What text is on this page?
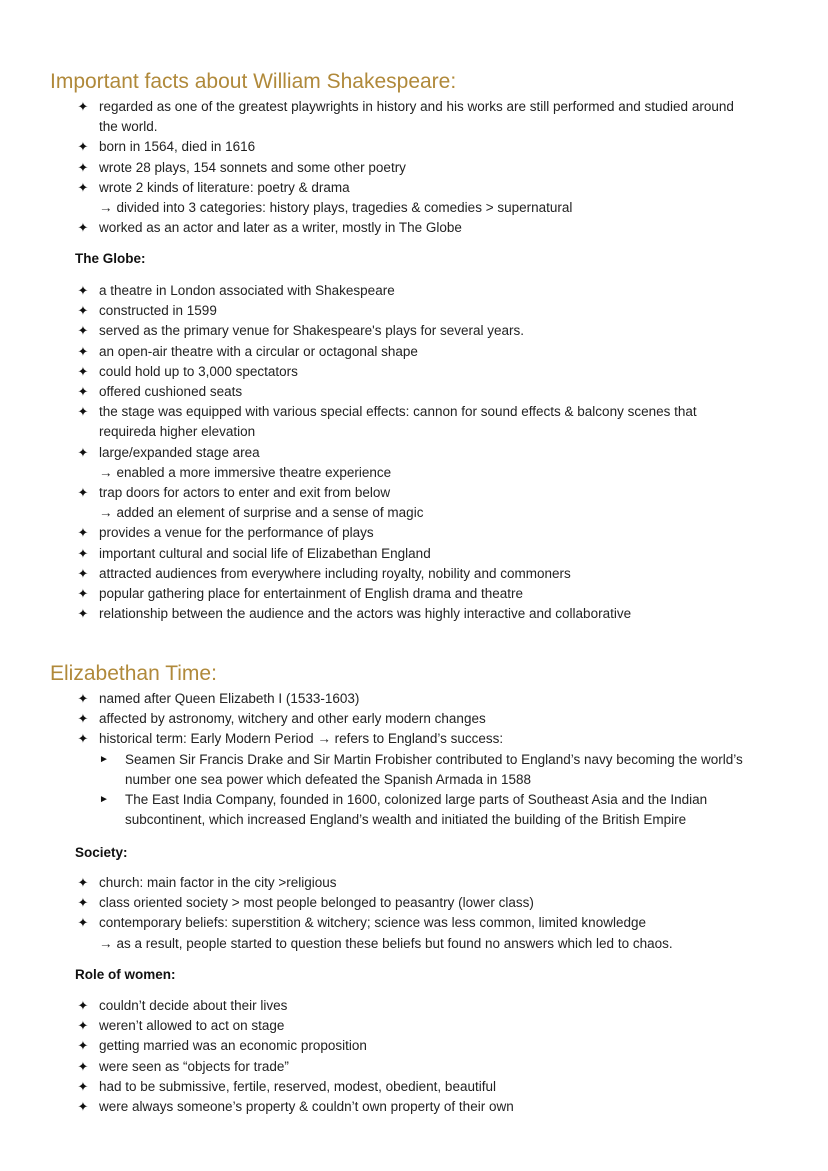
Important facts about William Shakespeare:
✦ regarded as one of the greatest playwrights in history and his works are still performed and studied around the world.
✦ born in 1564, died in 1616
✦ wrote 28 plays, 154 sonnets and some other poetry
✦ wrote 2 kinds of literature: poetry & drama
→ divided into 3 categories: history plays, tragedies & comedies > supernatural
✦ worked as an actor and later as a writer, mostly in The Globe
The Globe:
✦ a theatre in London associated with Shakespeare
✦ constructed in 1599
✦ served as the primary venue for Shakespeare's plays for several years.
✦ an open-air theatre with a circular or octagonal shape
✦ could hold up to 3,000 spectators
✦ offered cushioned seats
✦ the stage was equipped with various special effects: cannon for sound effects & balcony scenes that requireda higher elevation
✦ large/expanded stage area
→ enabled a more immersive theatre experience
✦ trap doors for actors to enter and exit from below
→ added an element of surprise and a sense of magic
✦ provides a venue for the performance of plays
✦ important cultural and social life of Elizabethan England
✦ attracted audiences from everywhere including royalty, nobility and commoners
✦ popular gathering place for entertainment of English drama and theatre
✦ relationship between the audience and the actors was highly interactive and collaborative
Elizabethan Time:
✦ named after Queen Elizabeth I (1533-1603)
✦ affected by astronomy, witchery and other early modern changes
✦ historical term: Early Modern Period → refers to England’s success:
► Seamen Sir Francis Drake and Sir Martin Frobisher contributed to England’s navy becoming the world’s number one sea power which defeated the Spanish Armada in 1588
► The East India Company, founded in 1600, colonized large parts of Southeast Asia and the Indian subcontinent, which increased England’s wealth and initiated the building of the British Empire
Society:
✦ church: main factor in the city >religious
✦ class oriented society > most people belonged to peasantry (lower class)
✦ contemporary beliefs: superstition & witchery; science was less common, limited knowledge
→ as a result, people started to question these beliefs but found no answers which led to chaos.
Role of women:
✦ couldn’t decide about their lives
✦ weren’t allowed to act on stage
✦ getting married was an economic proposition
✦ were seen as “objects for trade”
✦ had to be submissive, fertile, reserved, modest, obedient, beautiful
✦ were always someone’s property & couldn’t own property of their own
